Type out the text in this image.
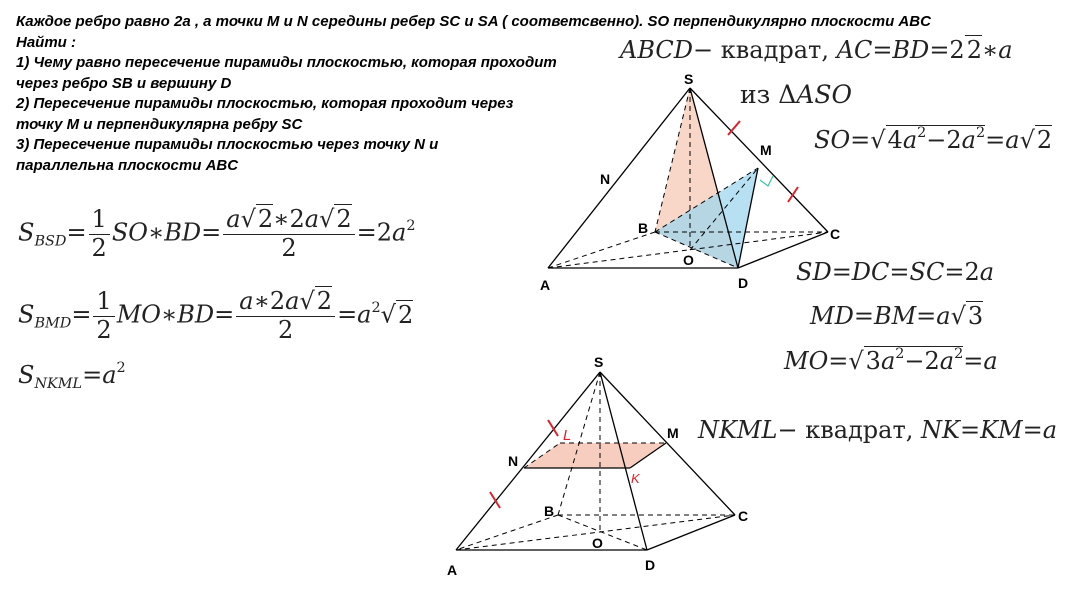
Каждое ребро равно 2а , а точки M и N середины ребер SC и SA ( соответсвенно). SO перпендикулярно плоскости ABC
Найти :
1) Чему равно пересечение пирамиды плоскостью, которая проходит
через ребро SB и вершину D
2) Пересечение пирамиды плоскостью, которая проходит через
точку M и перпендикулярна ребру SC
3) Пересечение пирамиды плоскостью через точку N и
параллельна плоскости ABC
S
N
M
B	C
O
A	D
S
N
M
B	C
O
A	D
L
K
ABCD− квадрат, AC=BD=22∗a
из ΔASO
$SO=√4a^2-2a^2=a√2$
$S_{BSD}= \frac{1}{2}$ SO∗BD= $\frac{a√2∗2a√2}{2} =2a^2$
$S_{BMD}= \frac{1}{2}$ MO∗BD= $\frac{a∗2a√2}{2} =a^2√2$
$S_{NKML}=a^2$
SD=DC=SC=2a
MD=BM=a√3
$MO=√3a^2-2a^2=a$
NKML− квадрат, NK=KM=a
